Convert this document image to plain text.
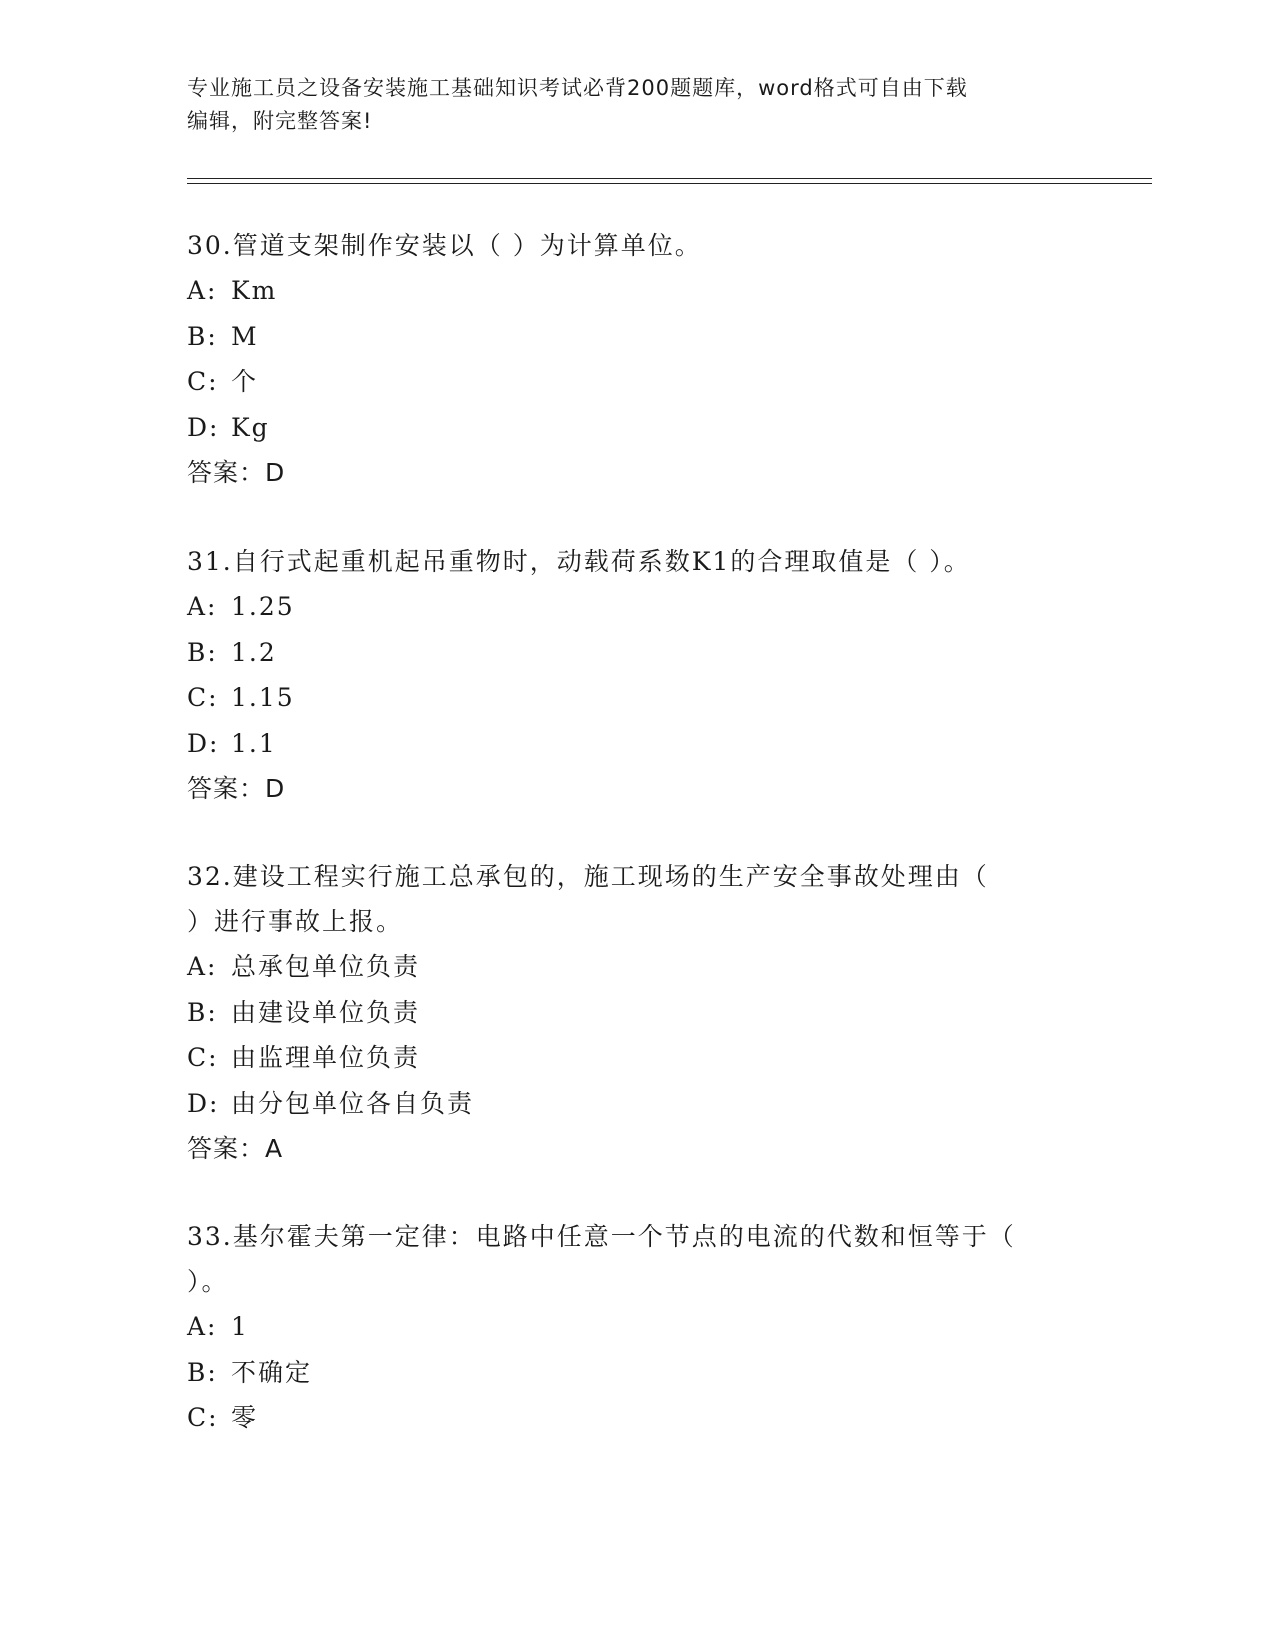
专业施工员之设备安装施工基础知识考试必背200题题库，word格式可自由下载
编辑，附完整答案!
30.管道支架制作安装以（ ）为计算单位。
A: Km
B: M
C: 个
D: Kg
答案：D
31.自行式起重机起吊重物时，动载荷系数K1的合理取值是（ ）。
A: 1.25
B: 1.2
C: 1.15
D: 1.1
答案：D
32.建设工程实行施工总承包的，施工现场的生产安全事故处理由（
）进行事故上报。
A: 总承包单位负责
B: 由建设单位负责
C: 由监理单位负责
D: 由分包单位各自负责
答案：A
33.基尔霍夫第一定律：电路中任意一个节点的电流的代数和恒等于（
）。
A: 1
B: 不确定
C: 零
